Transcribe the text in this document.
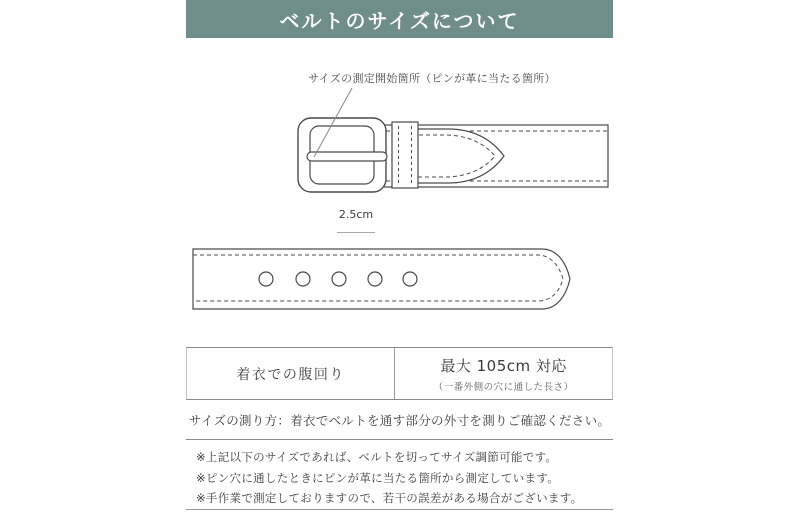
ベルトのサイズについて
サイズの測定開始箇所（ピンが革に当たる箇所）
2.5cm
着衣での腹回り	最大 105cm 対応
（一番外側の穴に通した長さ）
サイズの測り方：着衣でベルトを通す部分の外寸を測りご確認ください。
※上記以下のサイズであれば、ベルトを切ってサイズ調節可能です。
※ピン穴に通したときにピンが革に当たる箇所から測定しています。
※手作業で測定しておりますので、若干の誤差がある場合がございます。
